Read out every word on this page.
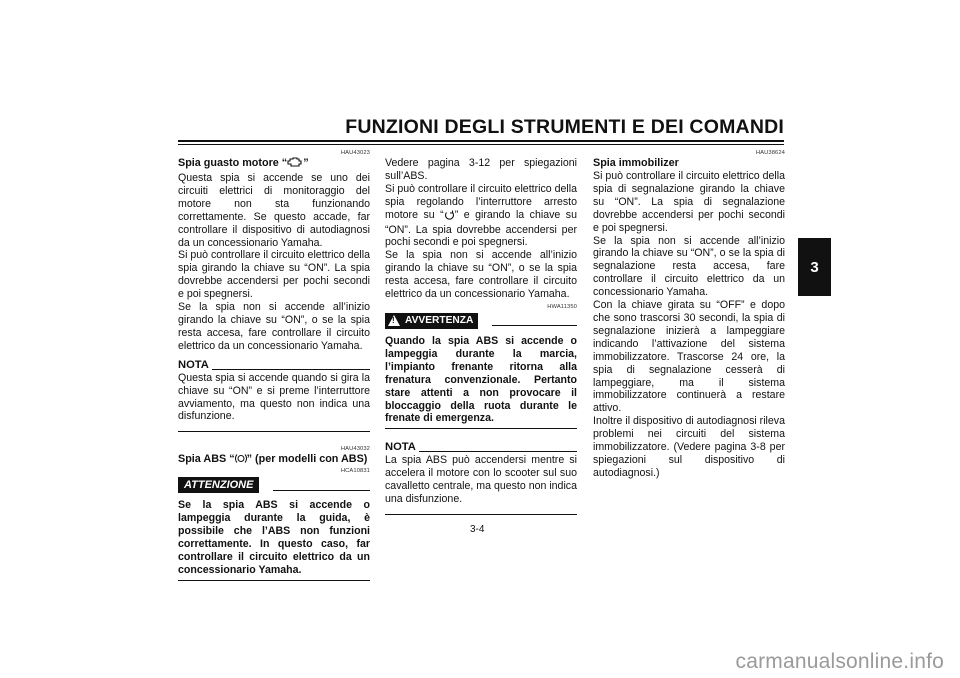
FUNZIONI DEGLI STRUMENTI E DEI COMANDI
3
HAU43023
Spia guasto motore “ ”

Questa spia si accende se uno dei circuiti elettrici di monitoraggio del motore non sta funzionando correttamente. Se questo accade, far controllare il dispositivo di autodiagnosi da un concessionario Yamaha.

Si può controllare il circuito elettrico della spia girando la chiave su “ON”. La spia dovrebbe accendersi per pochi secondi e poi spegnersi.

Se la spia non si accende all’inizio girando la chiave su “ON”, o se la spia resta accesa, fare controllare il circuito elettrico da un concessionario Yamaha.

NOTA

Questa spia si accende quando si gira la chiave su “ON” e si preme l’interruttore avviamento, ma questo non indica una disfunzione.

HAU43032
Spia ABS “ ” (per modelli con ABS)
HCA10831
ATTENZIONE

Se la spia ABS si accende o lampeggia durante la guida, è possibile che l’ABS non funzioni correttamente. In questo caso, far controllare il circuito elettrico da un concessionario Yamaha.

Vedere pagina 3-12 per spiegazioni sull’ABS.

Si può controllare il circuito elettrico della spia regolando l’interruttore arresto motore su “ ” e girando la chiave su “ON”. La spia dovrebbe accendersi per pochi secondi e poi spegnersi.

Se la spia non si accende all’inizio girando la chiave su “ON”, o se la spia resta accesa, fare controllare il circuito elettrico da un concessionario Yamaha.

HWA11350
! AVVERTENZA

Quando la spia ABS si accende o lampeggia durante la marcia, l’impianto frenante ritorna alla frenatura convenzionale. Pertanto stare attenti a non provocare il bloccaggio della ruota durante le frenate di emergenza.

NOTA

La spia ABS può accendersi mentre si accelera il motore con lo scooter sul suo cavalletto centrale, ma questo non indica una disfunzione.

HAU38624
Spia immobilizer

Si può controllare il circuito elettrico della spia di segnalazione girando la chiave su “ON”. La spia di segnalazione dovrebbe accendersi per pochi secondi e poi spegnersi.

Se la spia non si accende all’inizio girando la chiave su “ON”, o se la spia di segnalazione resta accesa, fare controllare il circuito elettrico da un concessionario Yamaha.

Con la chiave girata su “OFF” e dopo che sono trascorsi 30 secondi, la spia di segnalazione inizierà a lampeggiare indicando l’attivazione del sistema immobilizzatore. Trascorse 24 ore, la spia di segnalazione cesserà di lampeggiare, ma il sistema immobilizzatore continuerà a restare attivo.

Inoltre il dispositivo di autodiagnosi rileva problemi nei circuiti del sistema immobilizzatore. (Vedere pagina 3-8 per spiegazioni sul dispositivo di autodiagnosi.)

3-4
carmanualsonline.info
